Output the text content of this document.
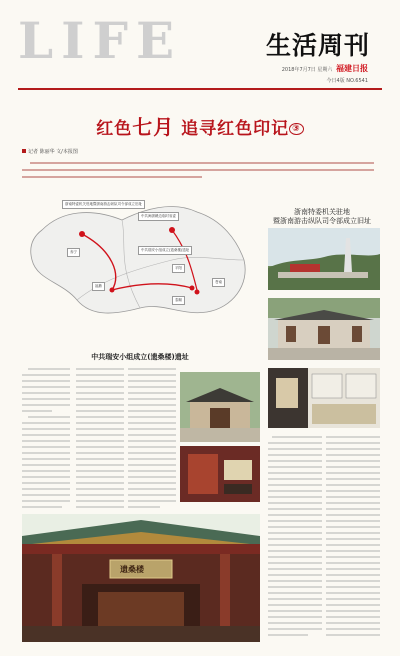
LIFE	生活周刊
2018年7月7日 星期六 福建日报
今日4版 NO.6541
红色七月 追寻红色印记 ③
记者 陈丽华 文/本报图
浙南特委机关驻地暨浙南游击纵队司令部成立旧址
中共闽浙赣边临时省委
寿宁	中共瑞安小组成立(遗桑楼)遗址
福鼎
平阳
泰顺
苍南
浙南特委机关驻地
暨浙南游击纵队司令部成立旧址
中共瑞安小组成立(遗桑楼)遗址
遗桑楼
